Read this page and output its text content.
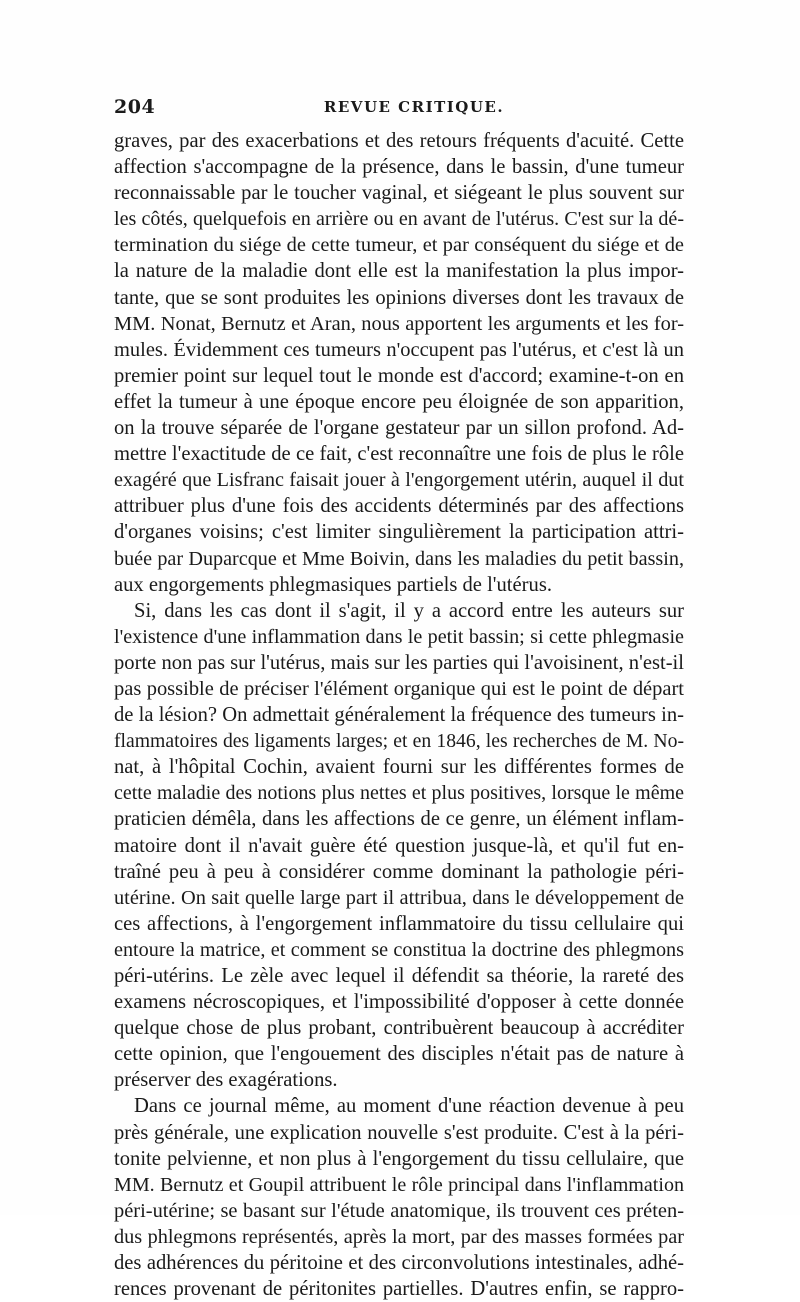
204	REVUE CRITIQUE.
graves, par des exacerbations et des retours fréquents d'acuité. Cette
affection s'accompagne de la présence, dans le bassin, d'une tumeur
reconnaissable par le toucher vaginal, et siégeant le plus souvent sur
les côtés, quelquefois en arrière ou en avant de l'utérus. C'est sur la dé-
termination du siége de cette tumeur, et par conséquent du siége et de
la nature de la maladie dont elle est la manifestation la plus impor-
tante, que se sont produites les opinions diverses dont les travaux de
MM. Nonat, Bernutz et Aran, nous apportent les arguments et les for-
mules. Évidemment ces tumeurs n'occupent pas l'utérus, et c'est là un
premier point sur lequel tout le monde est d'accord; examine-t-on en
effet la tumeur à une époque encore peu éloignée de son apparition,
on la trouve séparée de l'organe gestateur par un sillon profond. Ad-
mettre l'exactitude de ce fait, c'est reconnaître une fois de plus le rôle
exagéré que Lisfranc faisait jouer à l'engorgement utérin, auquel il dut
attribuer plus d'une fois des accidents déterminés par des affections
d'organes voisins; c'est limiter singulièrement la participation attri-
buée par Duparcque et Mme Boivin, dans les maladies du petit bassin,
aux engorgements phlegmasiques partiels de l'utérus.
Si, dans les cas dont il s'agit, il y a accord entre les auteurs sur
l'existence d'une inflammation dans le petit bassin; si cette phlegmasie
porte non pas sur l'utérus, mais sur les parties qui l'avoisinent, n'est-il
pas possible de préciser l'élément organique qui est le point de départ
de la lésion? On admettait généralement la fréquence des tumeurs in-
flammatoires des ligaments larges; et en 1846, les recherches de M. No-
nat, à l'hôpital Cochin, avaient fourni sur les différentes formes de
cette maladie des notions plus nettes et plus positives, lorsque le même
praticien démêla, dans les affections de ce genre, un élément inflam-
matoire dont il n'avait guère été question jusque-là, et qu'il fut en-
traîné peu à peu à considérer comme dominant la pathologie péri-
utérine. On sait quelle large part il attribua, dans le développement de
ces affections, à l'engorgement inflammatoire du tissu cellulaire qui
entoure la matrice, et comment se constitua la doctrine des phlegmons
péri-utérins. Le zèle avec lequel il défendit sa théorie, la rareté des
examens nécroscopiques, et l'impossibilité d'opposer à cette donnée
quelque chose de plus probant, contribuèrent beaucoup à accréditer
cette opinion, que l'engouement des disciples n'était pas de nature à
préserver des exagérations.
Dans ce journal même, au moment d'une réaction devenue à peu
près générale, une explication nouvelle s'est produite. C'est à la péri-
tonite pelvienne, et non plus à l'engorgement du tissu cellulaire, que
MM. Bernutz et Goupil attribuent le rôle principal dans l'inflammation
péri-utérine; se basant sur l'étude anatomique, ils trouvent ces préten-
dus phlegmons représentés, après la mort, par des masses formées par
des adhérences du péritoine et des circonvolutions intestinales, adhé-
rences provenant de péritonites partielles. D'autres enfin, se rappro-
